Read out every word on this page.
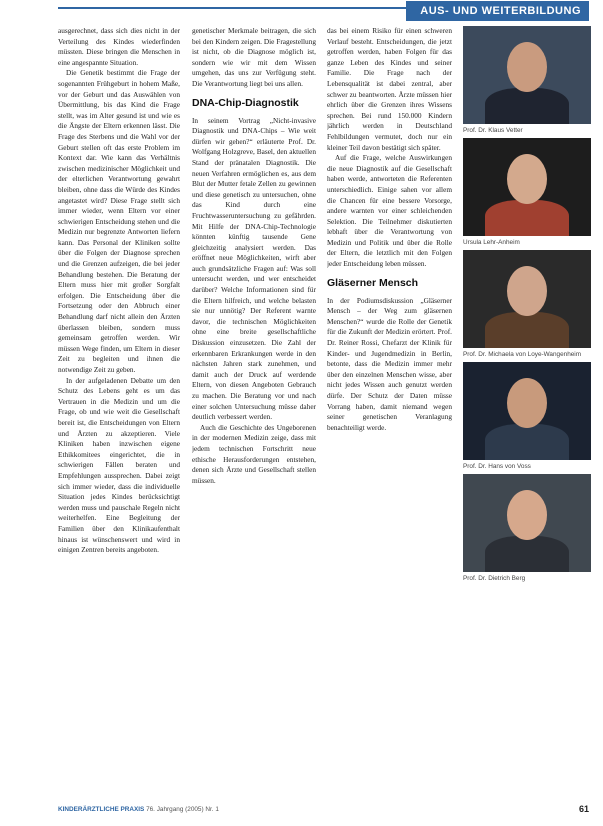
AUS- UND WEITERBILDUNG

ausgerechnet, dass sich dies nicht in der Verteilung des Kindes wiederfinden müssten. Diese bringen die Menschen in eine angespannte Situation.

Die Genetik bestimmt die Frage der sogenannten Frühgeburt in hohem Maße, vor der Geburt und das Auswählen von Übermittlung, bis das Kind die Frage stellt, was im Alter gesund ist und wie es die Ängste der Eltern erkennen lässt. Die Frage des Sterbens und die Wahl vor der Geburt stellen oft das erste Problem im Kontext dar. Wie kann das Verhältnis zwischen medizinischer Möglichkeit und der elterlichen Verantwortung gewahrt bleiben, ohne dass die Würde des Kindes angetastet wird? Diese Frage stellt sich immer wieder, wenn Eltern vor einer schwierigen Entscheidung stehen und die Medizin nur begrenzte Antworten liefern kann. Das Personal der Kliniken sollte über die Folgen der Diagnose sprechen und die Grenzen aufzeigen, die bei jeder Behandlung bestehen. Die Beratung der Eltern muss hier mit großer Sorgfalt erfolgen. Die Entscheidung über die Fortsetzung oder den Abbruch einer Behandlung darf nicht allein den Ärzten überlassen bleiben, sondern muss gemeinsam getroffen werden. Wir müssen Wege finden, um Eltern in dieser Zeit zu begleiten und ihnen die notwendige Zeit zu geben.

In der aufgeladenen Debatte um den Schutz des Lebens geht es um das Vertrauen in die Medizin und um die Frage, ob und wie weit die Gesellschaft bereit ist, die Entscheidungen von Eltern und Ärzten zu akzeptieren. Viele Kliniken haben inzwischen eigene Ethikkomitees eingerichtet, die in schwierigen Fällen beraten und Empfehlungen aussprechen. Dabei zeigt sich immer wieder, dass die individuelle Situation jedes Kindes berücksichtigt werden muss und pauschale Regeln nicht weiterhelfen. Eine Begleitung der Familien über den Klinikaufenthalt hinaus ist wünschenswert und wird in einigen Zentren bereits angeboten.

genetischer Merkmale beitragen, die sich bei den Kindern zeigen. Die Fragestellung ist nicht, ob die Diagnose möglich ist, sondern wie wir mit dem Wissen umgehen, das uns zur Verfügung steht. Die Verantwortung liegt bei uns allen.

DNA-Chip-Diagnostik

In seinem Vortrag „Nicht-invasive Diagnostik und DNA-Chips – Wie weit dürfen wir gehen?“ erläuterte Prof. Dr. Wolfgang Holzgreve, Basel, den aktuellen Stand der pränatalen Diagnostik. Die neuen Verfahren ermöglichen es, aus dem Blut der Mutter fetale Zellen zu gewinnen und diese genetisch zu untersuchen, ohne das Kind durch eine Fruchtwasseruntersuchung zu gefährden. Mit Hilfe der DNA-Chip-Technologie könnten künftig tausende Gene gleichzeitig analysiert werden. Das eröffnet neue Möglichkeiten, wirft aber auch grundsätzliche Fragen auf: Was soll untersucht werden, und wer entscheidet darüber? Welche Informationen sind für die Eltern hilfreich, und welche belasten sie nur unnötig? Der Referent warnte davor, die technischen Möglichkeiten ohne eine breite gesellschaftliche Diskussion einzusetzen. Die Zahl der erkennbaren Erkrankungen werde in den nächsten Jahren stark zunehmen, und damit auch der Druck auf werdende Eltern, von diesen Angeboten Gebrauch zu machen. Die Beratung vor und nach einer solchen Untersuchung müsse daher deutlich verbessert werden.

Auch die Geschichte des Ungeborenen in der modernen Medizin zeige, dass mit jedem technischen Fortschritt neue ethische Herausforderungen entstehen, denen sich Ärzte und Gesellschaft stellen müssen.

das bei einem Risiko für einen schweren Verlauf besteht. Entscheidungen, die jetzt getroffen werden, haben Folgen für das ganze Leben des Kindes und seiner Familie. Die Frage nach der Lebensqualität ist dabei zentral, aber schwer zu beantworten. Ärzte müssen hier ehrlich über die Grenzen ihres Wissens sprechen. Bei rund 150.000 Kindern jährlich werden in Deutschland Fehlbildungen vermutet, doch nur ein kleiner Teil davon bestätigt sich später.

Auf die Frage, welche Auswirkungen die neue Diagnostik auf die Gesellschaft haben werde, antworteten die Referenten unterschiedlich. Einige sahen vor allem die Chancen für eine bessere Vorsorge, andere warnten vor einer schleichenden Selektion. Die Teilnehmer diskutierten lebhaft über die Verantwortung von Medizin und Politik und über die Rolle der Eltern, die letztlich mit den Folgen jeder Entscheidung leben müssen.

Gläserner Mensch

In der Podiumsdiskussion „Gläserner Mensch – der Weg zum gläsernen Menschen?“ wurde die Rolle der Genetik für die Zukunft der Medizin erörtert. Prof. Dr. Reiner Rossi, Chefarzt der Klinik für Kinder- und Jugendmedizin in Berlin, betonte, dass die Medizin immer mehr über den einzelnen Menschen wisse, aber nicht jedes Wissen auch genutzt werden dürfe. Der Schutz der Daten müsse Vorrang haben, damit niemand wegen seiner genetischen Veranlagung benachteiligt werde.

Prof. Dr. Klaus Vetter
Ursula Lehr-Anheim
Prof. Dr. Michaela von Loye-Wangenheim
Prof. Dr. Hans von Voss
Prof. Dr. Dietrich Berg
KINDERÄRZTLICHE PRAXIS 76. Jahrgang (2005) Nr. 1	61
